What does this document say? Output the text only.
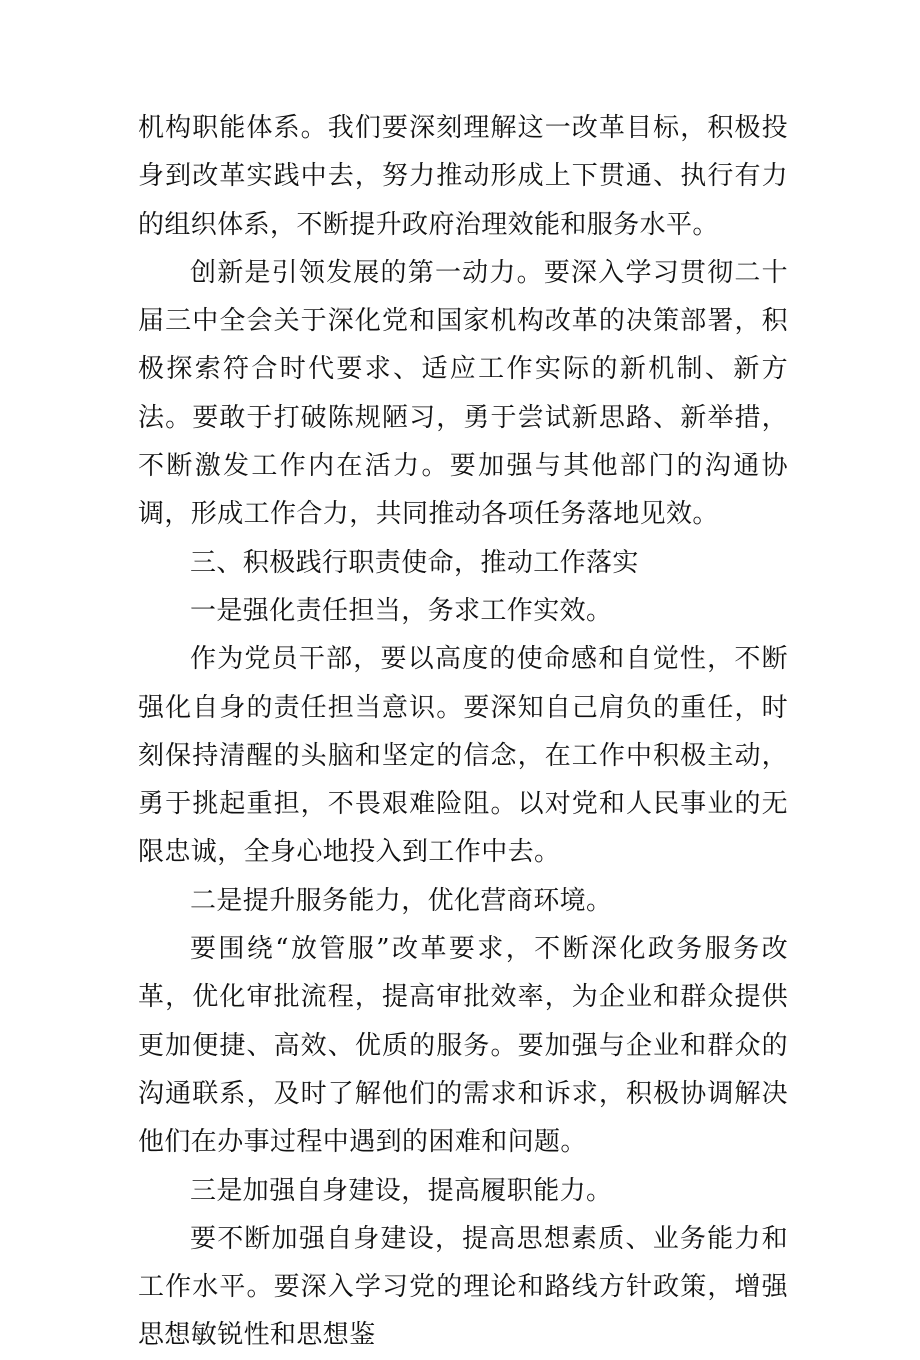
机构职能体系。我们要深刻理解这一改革目标，积极投身到改革实践中去，努力推动形成上下贯通、执行有力的组织体系，不断提升政府治理效能和服务水平。

创新是引领发展的第一动力。要深入学习贯彻二十届三中全会关于深化党和国家机构改革的决策部署，积极探索符合时代要求、适应工作实际的新机制、新方法。要敢于打破陈规陋习，勇于尝试新思路、新举措，不断激发工作内在活力。要加强与其他部门的沟通协调，形成工作合力，共同推动各项任务落地见效。

三、积极践行职责使命，推动工作落实

一是强化责任担当，务求工作实效。

作为党员干部，要以高度的使命感和自觉性，不断强化自身的责任担当意识。要深知自己肩负的重任，时刻保持清醒的头脑和坚定的信念，在工作中积极主动，勇于挑起重担，不畏艰难险阻。以对党和人民事业的无限忠诚，全身心地投入到工作中去。

二是提升服务能力，优化营商环境。

要围绕“放管服”改革要求，不断深化政务服务改革，优化审批流程，提高审批效率，为企业和群众提供更加便捷、高效、优质的服务。要加强与企业和群众的沟通联系，及时了解他们的需求和诉求，积极协调解决他们在办事过程中遇到的困难和问题。

三是加强自身建设，提高履职能力。

要不断加强自身建设，提高思想素质、业务能力和工作水平。要深入学习党的理论和路线方针政策，增强思想敏锐性和思想鉴
